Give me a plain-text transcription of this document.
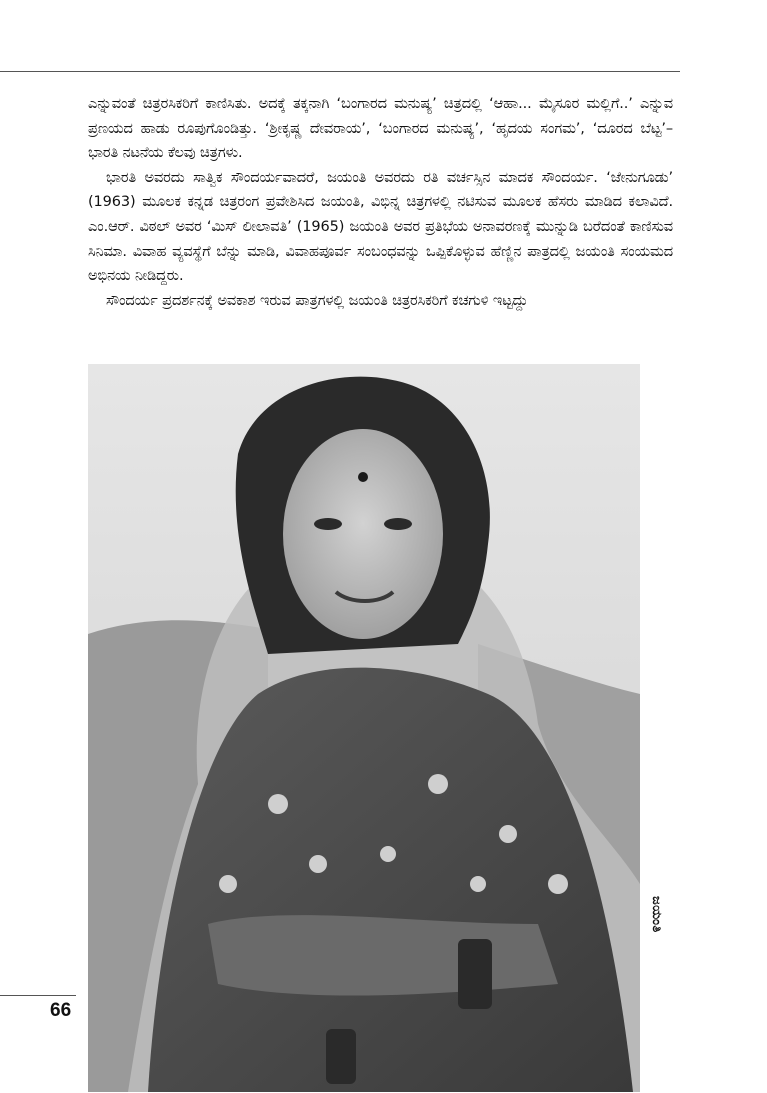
ಎನ್ನುವಂತೆ ಚಿತ್ರರಸಿಕರಿಗೆ ಕಾಣಿಸಿತು. ಅದಕ್ಕೆ ತಕ್ಕನಾಗಿ ‘ಬಂಗಾರದ ಮನುಷ್ಯ’ ಚಿತ್ರದಲ್ಲಿ ‘ಆಹಾ... ಮೈಸೂರ ಮಲ್ಲಿಗೆ..’ ಎನ್ನುವ ಪ್ರಣಯದ ಹಾಡು ರೂಪುಗೊಂಡಿತ್ತು. ‘ಶ್ರೀಕೃಷ್ಣ ದೇವರಾಯ’, ‘ಬಂಗಾರದ ಮನುಷ್ಯ’, ‘ಹೃದಯ ಸಂಗಮ’, ‘ದೂರದ ಬೆಟ್ಟ’– ಭಾರತಿ ನಟನೆಯ ಕೆಲವು ಚಿತ್ರಗಳು.

ಭಾರತಿ ಅವರದು ಸಾತ್ವಿಕ ಸೌಂದರ್ಯವಾದರೆ, ಜಯಂತಿ ಅವರದು ರತಿ ವರ್ಚಸ್ಸಿನ ಮಾದಕ ಸೌಂದರ್ಯ. ‘ಜೇನುಗೂಡು’ (1963) ಮೂಲಕ ಕನ್ನಡ ಚಿತ್ರರಂಗ ಪ್ರವೇಶಿಸಿದ ಜಯಂತಿ, ವಿಭಿನ್ನ ಚಿತ್ರಗಳಲ್ಲಿ ನಟಿಸುವ ಮೂಲಕ ಹೆಸರು ಮಾಡಿದ ಕಲಾವಿದೆ. ಎಂ.ಆರ್. ವಿಠಲ್ ಅವರ ‘ಮಿಸ್ ಲೀಲಾವತಿ’ (1965) ಜಯಂತಿ ಅವರ ಪ್ರತಿಭೆಯ ಅನಾವರಣಕ್ಕೆ ಮುನ್ನುಡಿ ಬರೆದಂತೆ ಕಾಣಿಸುವ ಸಿನಿಮಾ. ವಿವಾಹ ವ್ಯವಸ್ಥೆಗೆ ಬೆನ್ನು ಮಾಡಿ, ವಿವಾಹಪೂರ್ವ ಸಂಬಂಧವನ್ನು ಒಪ್ಪಿಕೊಳ್ಳುವ ಹೆಣ್ಣಿನ ಪಾತ್ರದಲ್ಲಿ ಜಯಂತಿ ಸಂಯಮದ ಅಭಿನಯ ನೀಡಿದ್ದರು.

ಸೌಂದರ್ಯ ಪ್ರದರ್ಶನಕ್ಕೆ ಅವಕಾಶ ಇರುವ ಪಾತ್ರಗಳಲ್ಲಿ ಜಯಂತಿ ಚಿತ್ರರಸಿಕರಿಗೆ ಕಚಗುಳಿ ಇಟ್ಟದ್ದು

ಜಯಂತಿ
66
